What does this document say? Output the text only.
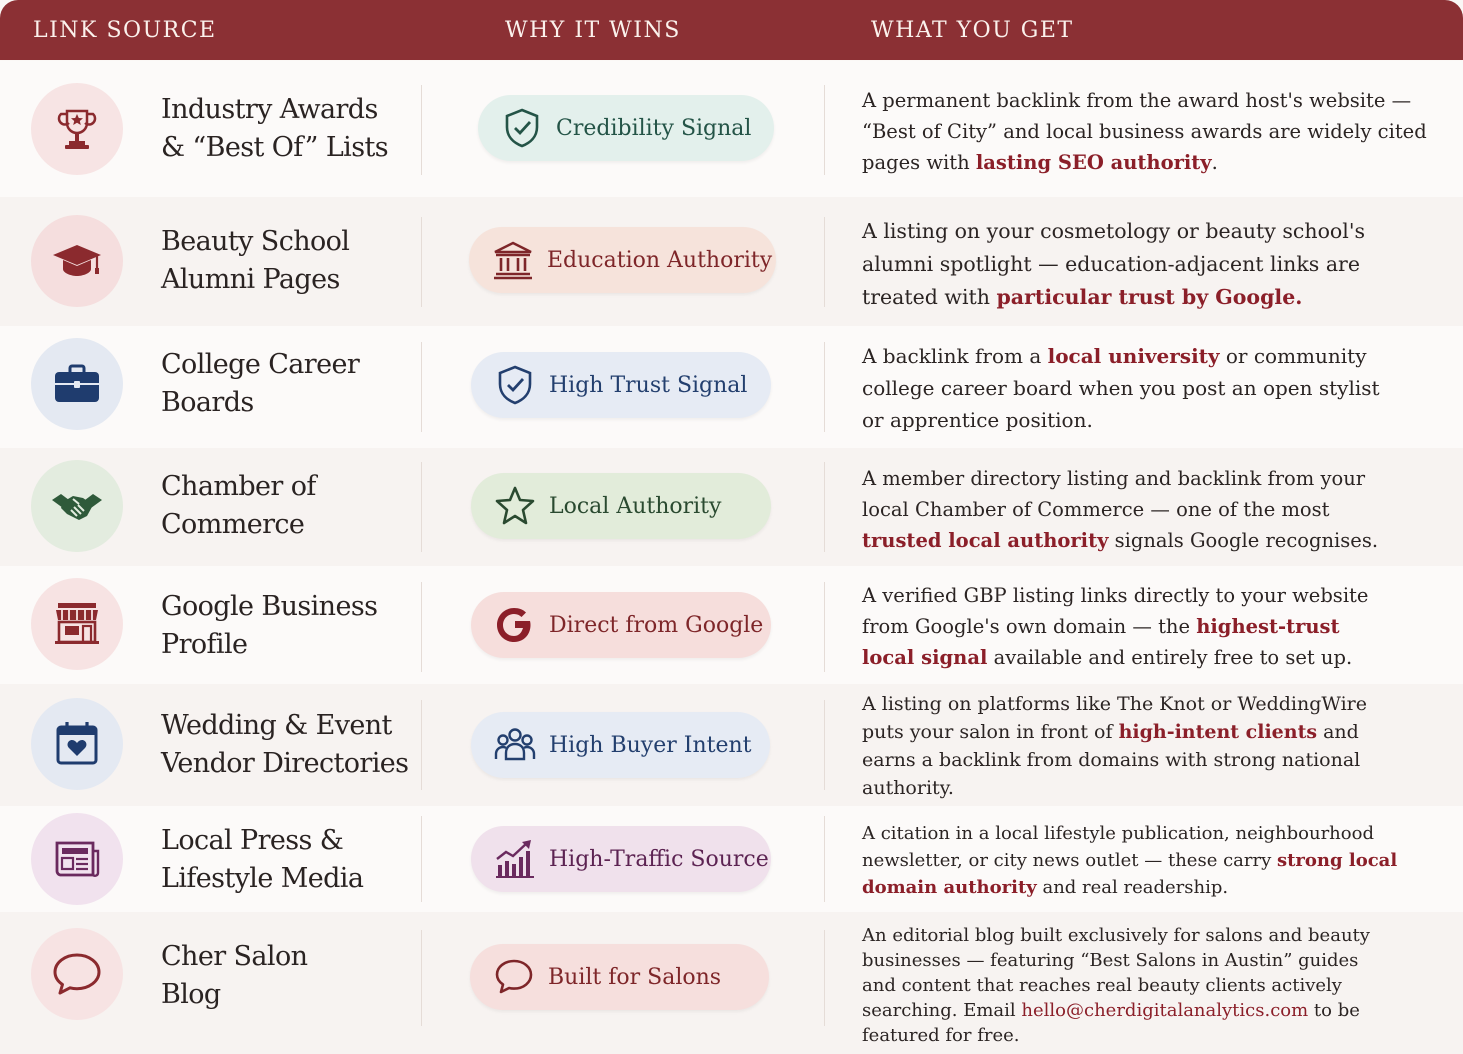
LINK SOURCE	WHY IT WINS	WHAT YOU GET
Industry Awards
& “Best Of” Lists
Credibility Signal
A permanent backlink from the award host's website — “Best of City” and local business awards are widely cited pages with lasting SEO authority.
Beauty School
Alumni Pages
Education Authority
A listing on your cosmetology or beauty school's alumni spotlight — education-adjacent links are treated with particular trust by Google.
College Career
Boards
High Trust Signal
A backlink from a local university or community college career board when you post an open stylist or apprentice position.
Chamber of
Commerce
Local Authority
A member directory listing and backlink from your local Chamber of Commerce — one of the most trusted local authority signals Google recognises.
Google Business
Profile
Direct from Google
A verified GBP listing links directly to your website from Google's own domain — the highest-trust local signal available and entirely free to set up.
Wedding & Event
Vendor Directories
High Buyer Intent
A listing on platforms like The Knot or WeddingWire puts your salon in front of high-intent clients and earns a backlink from domains with strong national authority.
Local Press &
Lifestyle Media
High-Traffic Source
A citation in a local lifestyle publication, neighbourhood newsletter, or city news outlet — these carry strong local domain authority and real readership.
Cher Salon
Blog
Built for Salons
An editorial blog built exclusively for salons and beauty businesses — featuring “Best Salons in Austin” guides and content that reaches real beauty clients actively searching. Email hello@cherdigitalanalytics.com to be featured for free.
